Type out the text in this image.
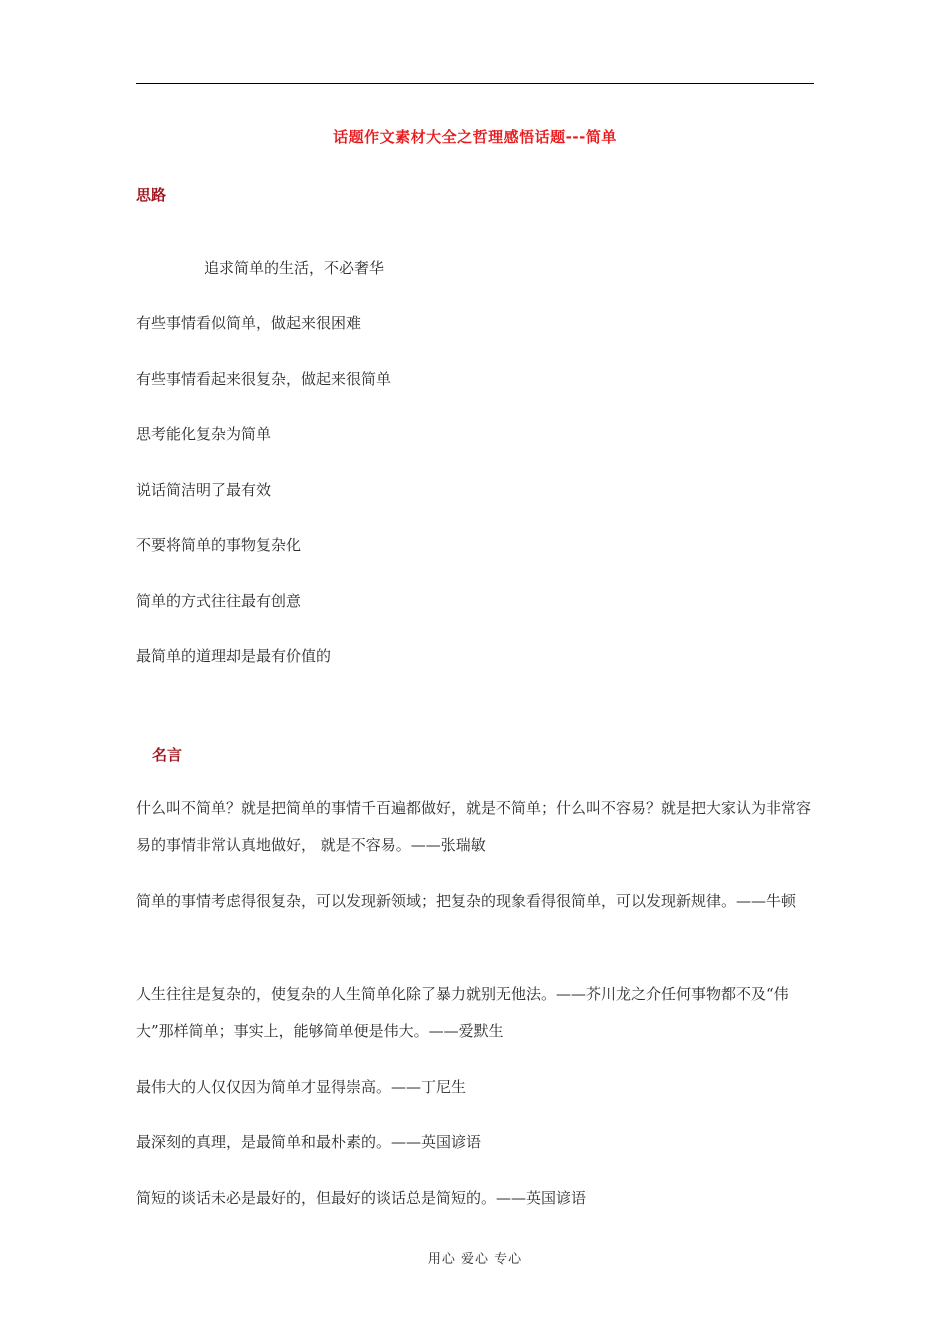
话题作文素材大全之哲理感悟话题---简单
思路
追求简单的生活，不必奢华
有些事情看似简单，做起来很困难
有些事情看起来很复杂，做起来很简单
思考能化复杂为简单
说话简洁明了最有效
不要将简单的事物复杂化
简单的方式往往最有创意
最简单的道理却是最有价值的
名言
什么叫不简单？就是把简单的事情千百遍都做好，就是不简单；什么叫不容易？就是把大家认为非常容易的事情非常认真地做好， 就是不容易。——张瑞敏
简单的事情考虑得很复杂，可以发现新领域；把复杂的现象看得很简单，可以发现新规律。——牛顿
人生往往是复杂的，使复杂的人生简单化除了暴力就别无他法。——芥川龙之介任何事物都不及“伟大”那样简单；事实上，能够简单便是伟大。——爱默生
最伟大的人仅仅因为简单才显得崇高。——丁尼生
最深刻的真理，是最简单和最朴素的。——英国谚语
简短的谈话未必是最好的，但最好的谈话总是简短的。——英国谚语
用心 爱心 专心
